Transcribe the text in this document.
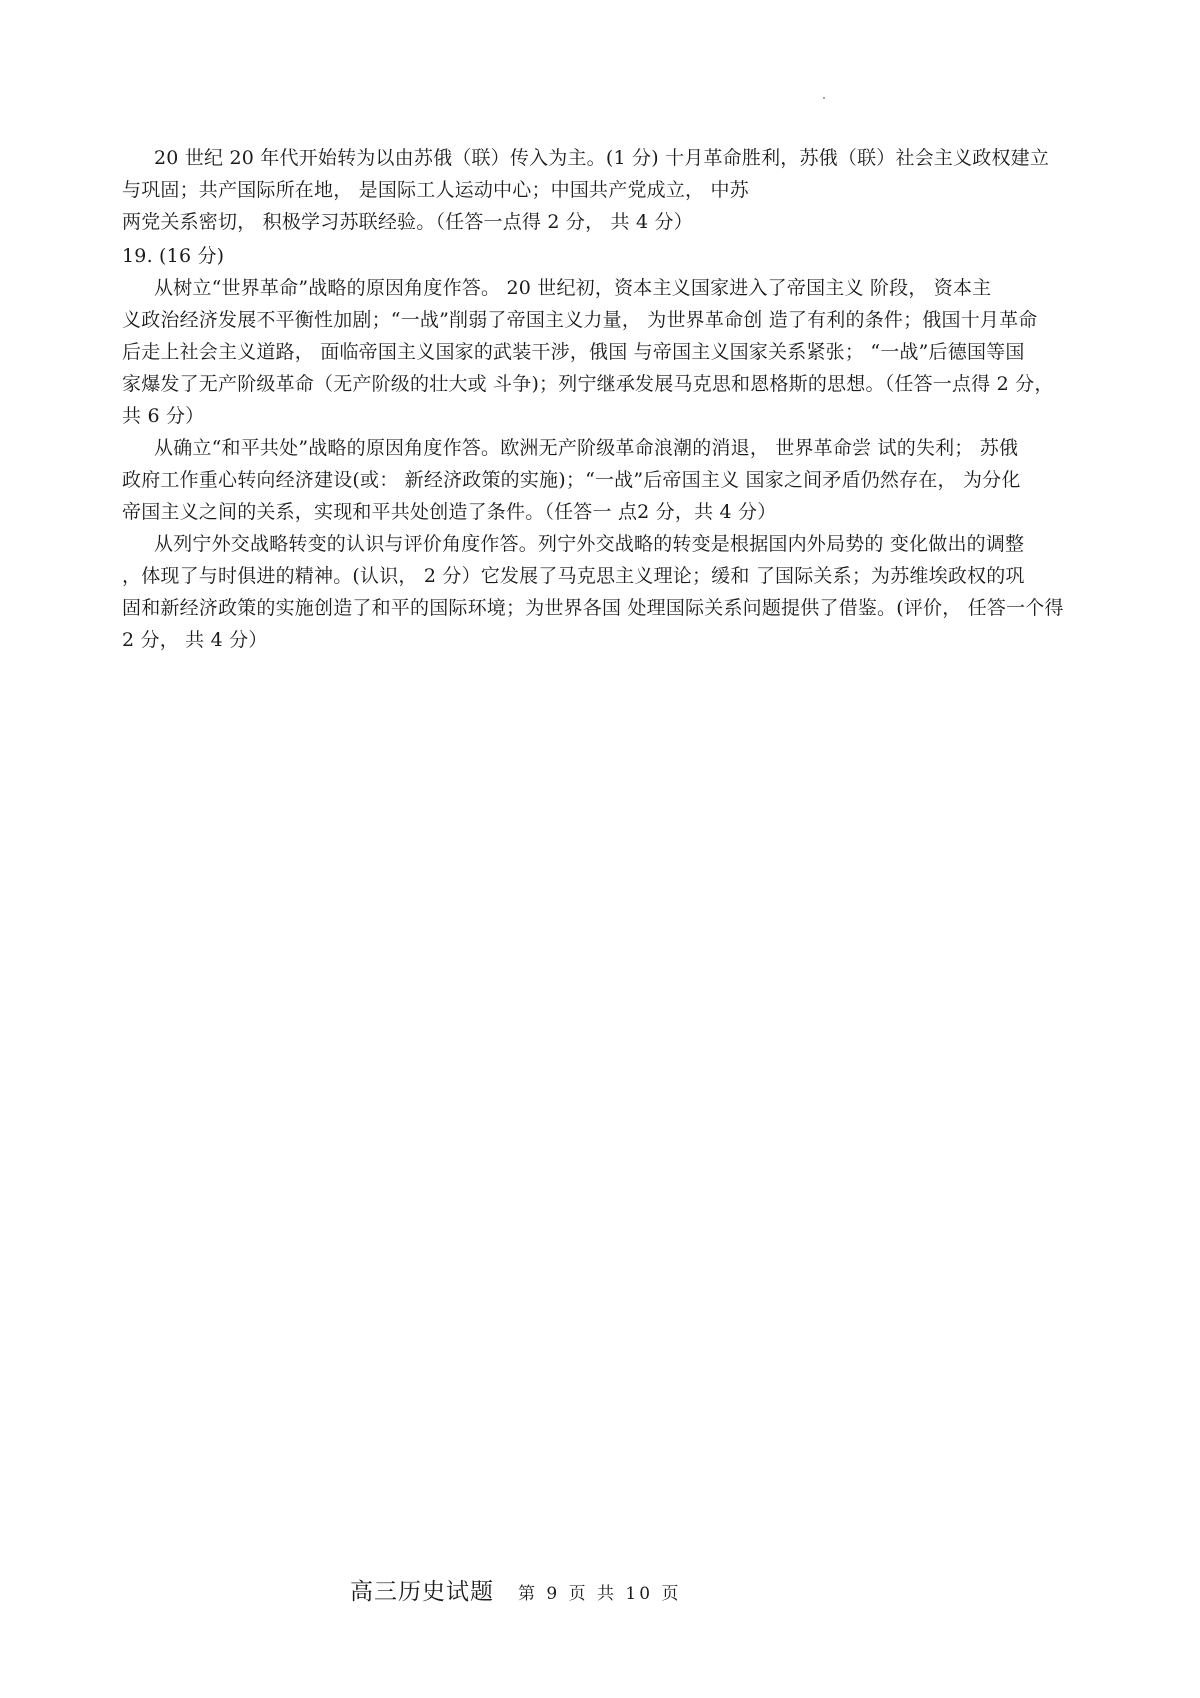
20 世纪 20 年代开始转为以由苏俄（联）传入为主。(1 分) 十月革命胜利，苏俄（联）社会主义政权建立
与巩固；共产国际所在地， 是国际工人运动中心；中国共产党成立， 中苏
两党关系密切， 积极学习苏联经验。（任答一点得 2 分， 共 4 分）
19. (16 分)
从树立“世界革命”战略的原因角度作答。 20 世纪初，资本主义国家进入了帝国主义 阶段， 资本主
义政治经济发展不平衡性加剧；“一战”削弱了帝国主义力量， 为世界革命创 造了有利的条件；俄国十月革命
后走上社会主义道路， 面临帝国主义国家的武装干涉，俄国 与帝国主义国家关系紧张； “一战”后德国等国
家爆发了无产阶级革命（无产阶级的壮大或 斗争)；列宁继承发展马克思和恩格斯的思想。（任答一点得 2 分，
共 6 分）
从确立“和平共处”战略的原因角度作答。欧洲无产阶级革命浪潮的消退， 世界革命尝 试的失利； 苏俄
政府工作重心转向经济建设(或： 新经济政策的实施)；“一战”后帝国主义 国家之间矛盾仍然存在， 为分化
帝国主义之间的关系，实现和平共处创造了条件。（任答一 点2 分，共 4 分）
从列宁外交战略转变的认识与评价角度作答。列宁外交战略的转变是根据国内外局势的 变化做出的调整
，体现了与时俱进的精神。(认识， 2 分）它发展了马克思主义理论；缓和 了国际关系；为苏维埃政权的巩
固和新经济政策的实施创造了和平的国际环境；为世界各国 处理国际关系问题提供了借鉴。(评价， 任答一个得
2 分， 共 4 分）
高三历史试题 第 9 页 共 10 页
